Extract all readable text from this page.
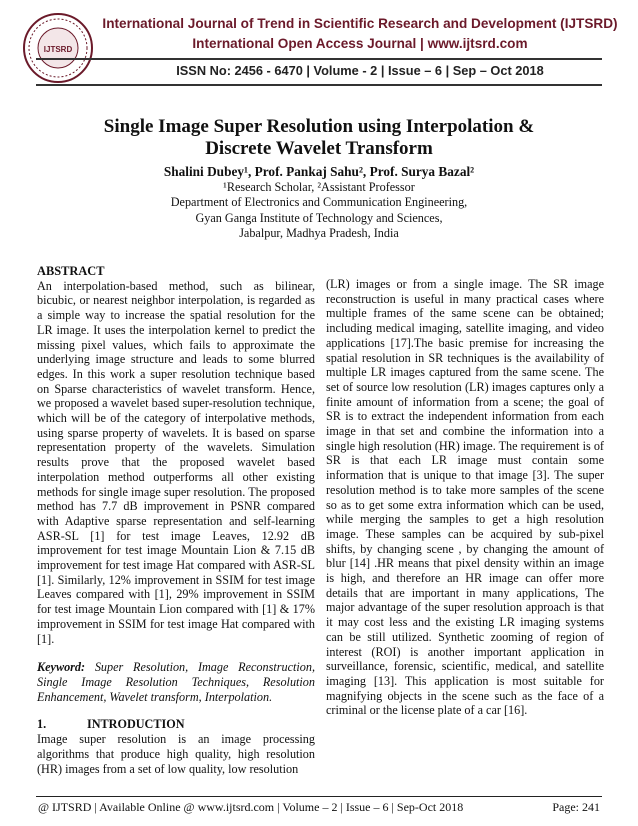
IJTSRD
International Journal of Trend in Scientific Research and Development (IJTSRD)
International Open Access Journal | www.ijtsrd.com
ISSN No: 2456 - 6470 | Volume - 2 | Issue – 6 | Sep – Oct 2018
Single Image Super Resolution using Interpolation &
Discrete Wavelet Transform
Shalini Dubey¹, Prof. Pankaj Sahu², Prof. Surya Bazal²
¹Research Scholar, ²Assistant Professor
Department of Electronics and Communication Engineering,
Gyan Ganga Institute of Technology and Sciences,
Jabalpur, Madhya Pradesh, India
ABSTRACT

An interpolation-based method, such as bilinear, bicubic, or nearest neighbor interpolation, is regarded as a simple way to increase the spatial resolution for the LR image. It uses the interpolation kernel to predict the missing pixel values, which fails to approximate the underlying image structure and leads to some blurred edges. In this work a super resolution technique based on Sparse characteristics of wavelet transform. Hence, we proposed a wavelet based super-resolution technique, which will be of the category of interpolative methods, using sparse property of wavelets. It is based on sparse representation property of the wavelets. Simulation results prove that the proposed wavelet based interpolation method outperforms all other existing methods for single image super resolution. The proposed method has 7.7 dB improvement in PSNR compared with Adaptive sparse representation and self-learning ASR-SL [1] for test image Leaves, 12.92 dB improvement for test image Mountain Lion & 7.15 dB improvement for test image Hat compared with ASR-SL [1]. Similarly, 12% improvement in SSIM for test image Leaves compared with [1], 29% improvement in SSIM for test image Mountain Lion compared with [1] & 17% improvement in SSIM for test image Hat compared with [1].

Keyword: Super Resolution, Image Reconstruction, Single Image Resolution Techniques, Resolution Enhancement, Wavelet transform, Interpolation.

1.	INTRODUCTION

Image super resolution is an image processing algorithms that produce high quality, high resolution (HR) images from a set of low quality, low resolution

(LR) images or from a single image. The SR image reconstruction is useful in many practical cases where multiple frames of the same scene can be obtained; including medical imaging, satellite imaging, and video applications [17].The basic premise for increasing the spatial resolution in SR techniques is the availability of multiple LR images captured from the same scene. The set of source low resolution (LR) images captures only a finite amount of information from a scene; the goal of SR is to extract the independent information from each image in that set and combine the information into a single high resolution (HR) image. The requirement is of SR is that each LR image must contain some information that is unique to that image [3]. The super resolution method is to take more samples of the scene so as to get some extra information which can be used, while merging the samples to get a high resolution image. These samples can be acquired by sub-pixel shifts, by changing scene , by changing the amount of blur [14] .HR means that pixel density within an image is high, and therefore an HR image can offer more details that are important in many applications, The major advantage of the super resolution approach is that it may cost less and the existing LR imaging systems can be still utilized. Synthetic zooming of region of interest (ROI) is another important application in surveillance, forensic, scientific, medical, and satellite imaging [13]. This application is most suitable for magnifying objects in the scene such as the face of a criminal or the license plate of a car [16].

@ IJTSRD | Available Online @ www.ijtsrd.com | Volume – 2 | Issue – 6 | Sep-Oct 2018	Page: 241
